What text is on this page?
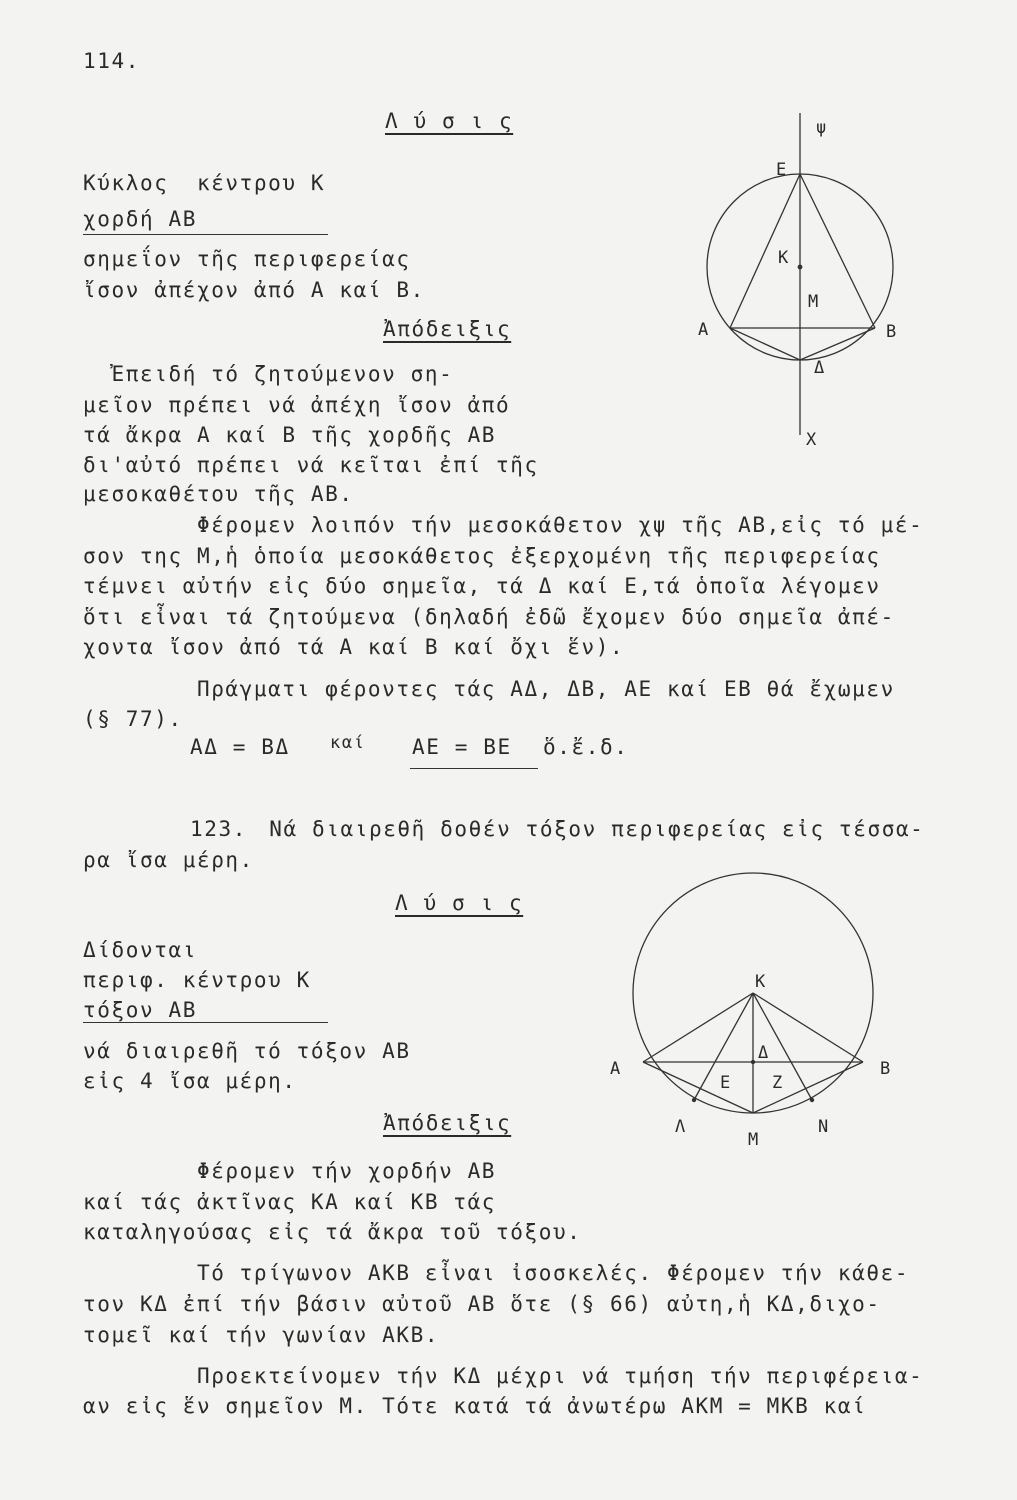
114.
Λ ύ σ ι ς
Κύκλος  κέντρου Κ
χορδή ΑΒ
σημεΐον τῆς περιφερείας
ἴσον ἀπέχον ἀπό Α καί Β.
Ἀπόδειξις
Ἐπειδή τό ζητούμενον ση-
μεῖον πρέπει νά ἀπέχη ἴσον ἀπό
τά ἄκρα Α καί Β τῆς χορδῆς ΑΒ
δι'αὐτό πρέπει νά κεῖται ἐπί τῆς
μεσοκαθέτου τῆς ΑΒ.
Φέρομεν λοιπόν τήν μεσοκάθετον χψ τῆς ΑΒ,εἰς τό μέ-
σον της Μ,ἡ ὁποία μεσοκάθετος ἐξερχομένη τῆς περιφερείας
τέμνει αὐτήν εἰς δύο σημεῖα, τά Δ καί Ε,τά ὁποῖα λέγομεν
ὅτι εἶναι τά ζητούμενα (δηλαδή ἐδῶ ἔχομεν δύο σημεῖα ἀπέ-
χοντα ἴσον ἀπό τά Α καί Β καί ὄχι ἕν).
Πράγματι φέροντες τάς ΑΔ, ΔΒ, ΑΕ καί ΕΒ θά ἔχωμεν
(§ 77).
ΑΔ = ΒΔ καί ΑΕ = ΒΕ ὅ.ἔ.δ.
ψ
Ε
Κ
Μ
Α	Β
Δ
Χ
123. Νά διαιρεθῆ δοθέν τόξον περιφερείας εἰς τέσσα-
ρα ἴσα μέρη.
Λ ύ σ ι ς
Δίδονται
περιφ. κέντρου Κ
τόξον ΑΒ
νά διαιρεθῆ τό τόξον ΑΒ
εἰς 4 ἴσα μέρη.
Ἀπόδειξις
Φέρομεν τήν χορδήν ΑΒ
καί τάς ἀκτῖνας ΚΑ καί ΚΒ τάς
καταληγούσας εἰς τά ἄκρα τοῦ τόξου.
Τό τρίγωνον ΑΚΒ εἶναι ἰσοσκελές. Φέρομεν τήν κάθε-
τον ΚΔ ἐπί τήν βάσιν αὐτοῦ ΑΒ ὅτε (§ 66) αὐτη,ἡ ΚΔ,διχο-
τομεῖ καί τήν γωνίαν ΑΚΒ.
Προεκτείνομεν τήν ΚΔ μέχρι νά τμήση τήν περιφέρεια-
αν εἰς ἕν σημεῖον Μ. Τότε κατά τά ἀνωτέρω ΑΚΜ = ΜΚΒ καί
Κ
Α	Β
Δ
Ε Ζ
Λ
Μ
Ν
